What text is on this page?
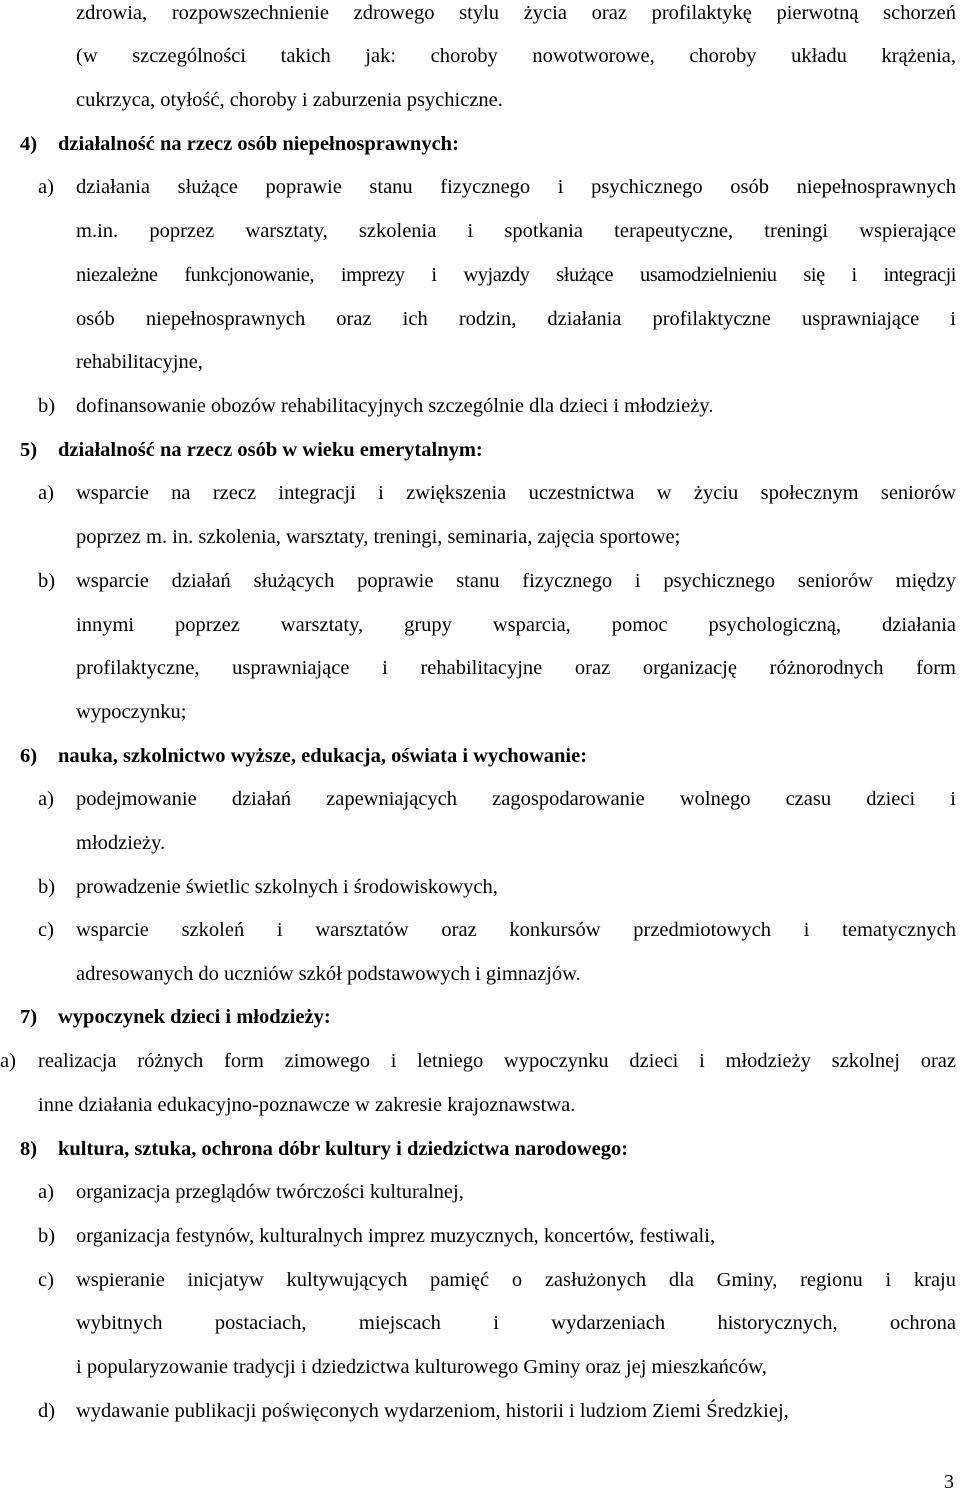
zdrowia, rozpowszechnienie zdrowego stylu życia oraz profilaktykę pierwotną schorzeń
(w szczególności takich jak: choroby nowotworowe, choroby układu krążenia,
cukrzyca, otyłość, choroby i zaburzenia psychiczne.
4) działalność na rzecz osób niepełnosprawnych:
a) działania służące poprawie stanu fizycznego i psychicznego osób niepełnosprawnych
m.in. poprzez warsztaty, szkolenia i spotkania terapeutyczne, treningi wspierające
niezależne funkcjonowanie, imprezy i wyjazdy służące usamodzielnieniu się i integracji
osób niepełnosprawnych oraz ich rodzin, działania profilaktyczne usprawniające i
rehabilitacyjne,
b) dofinansowanie obozów rehabilitacyjnych szczególnie dla dzieci i młodzieży.
5) działalność na rzecz osób w wieku emerytalnym:
a) wsparcie na rzecz integracji i zwiększenia uczestnictwa w życiu społecznym seniorów
poprzez m. in. szkolenia, warsztaty, treningi, seminaria, zajęcia sportowe;
b) wsparcie działań służących poprawie stanu fizycznego i psychicznego seniorów między
innymi poprzez warsztaty, grupy wsparcia, pomoc psychologiczną, działania
profilaktyczne, usprawniające i rehabilitacyjne oraz organizację różnorodnych form
wypoczynku;
6) nauka, szkolnictwo wyższe, edukacja, oświata i wychowanie:
a) podejmowanie działań zapewniających zagospodarowanie wolnego czasu dzieci i
młodzieży.
b) prowadzenie świetlic szkolnych i środowiskowych,
c) wsparcie szkoleń i warsztatów oraz konkursów przedmiotowych i tematycznych
adresowanych do uczniów szkół podstawowych i gimnazjów.
7) wypoczynek dzieci i młodzieży:
a) realizacja różnych form zimowego i letniego wypoczynku dzieci i młodzieży szkolnej oraz
inne działania edukacyjno-poznawcze w zakresie krajoznawstwa.
8) kultura, sztuka, ochrona dóbr kultury i dziedzictwa narodowego:
a) organizacja przeglądów twórczości kulturalnej,
b) organizacja festynów, kulturalnych imprez muzycznych, koncertów, festiwali,
c) wspieranie inicjatyw kultywujących pamięć o zasłużonych dla Gminy, regionu i kraju
wybitnych postaciach, miejscach i wydarzeniach historycznych, ochrona
i popularyzowanie tradycji i dziedzictwa kulturowego Gminy oraz jej mieszkańców,
d) wydawanie publikacji poświęconych wydarzeniom, historii i ludziom Ziemi Średzkiej,
3
